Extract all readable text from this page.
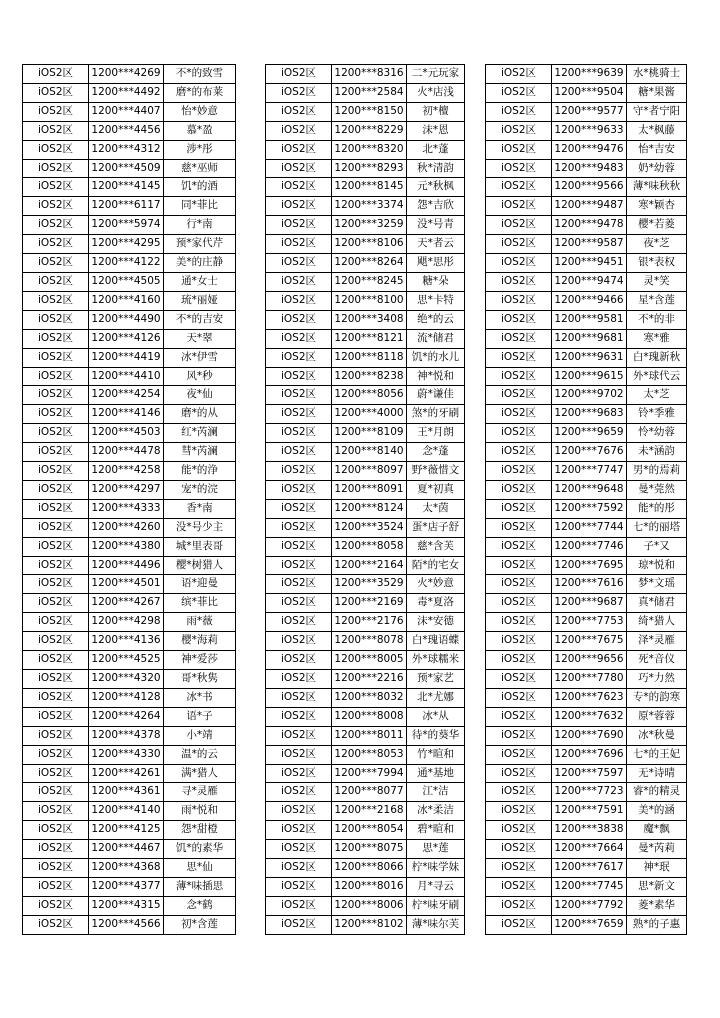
iOS2区	1200***4269	不*的致雪
iOS2区	1200***4492	磨*的布莱
iOS2区	1200***4407	怡*妙意
iOS2区	1200***4456	慕*盈
iOS2区	1200***4312	涉*彤
iOS2区	1200***4509	慈*巫师
iOS2区	1200***4145	饥*的酒
iOS2区	1200***6117	同*菲比
iOS2区	1200***5974	行*南
iOS2区	1200***4295	预*家代芹
iOS2区	1200***4122	美*的庄静
iOS2区	1200***4505	通*女士
iOS2区	1200***4160	琉*丽娅
iOS2区	1200***4490	不*的吉安
iOS2区	1200***4126	天*翠
iOS2区	1200***4419	冰*伊雪
iOS2区	1200***4410	风*秒
iOS2区	1200***4254	夜*仙
iOS2区	1200***4146	磨*的从
iOS2区	1200***4503	红*芮澜
iOS2区	1200***4478	彗*芮澜
iOS2区	1200***4258	能*的浄
iOS2区	1200***4297	宠*的浣
iOS2区	1200***4333	香*南
iOS2区	1200***4260	没*号少主
iOS2区	1200***4380	城*里表哥
iOS2区	1200***4496	樱*树猎人
iOS2区	1200***4501	语*迎曼
iOS2区	1200***4267	缤*菲比
iOS2区	1200***4298	雨*薇
iOS2区	1200***4136	樱*海莉
iOS2区	1200***4525	神*爱莎
iOS2区	1200***4320	哥*秋隽
iOS2区	1200***4128	冰*书
iOS2区	1200***4264	语*子
iOS2区	1200***4378	小*靖
iOS2区	1200***4330	温*的云
iOS2区	1200***4261	满*猎人
iOS2区	1200***4361	寻*灵雁
iOS2区	1200***4140	雨*悦和
iOS2区	1200***4125	怨*甜橙
iOS2区	1200***4467	饥*的素华
iOS2区	1200***4368	思*仙
iOS2区	1200***4377	薄*味插思
iOS2区	1200***4315	念*鹤
iOS2区	1200***4566	初*含莲
iOS2区	1200***8316	二*元玩家
iOS2区	1200***2584	火*店浅
iOS2区	1200***8150	初*檀
iOS2区	1200***8229	沫*恩
iOS2区	1200***8320	北*蓬
iOS2区	1200***8293	秋*清韵
iOS2区	1200***8145	元*秋枫
iOS2区	1200***3374	怨*吉欣
iOS2区	1200***3259	没*号青
iOS2区	1200***8106	天*者云
iOS2区	1200***8264	飓*思彤
iOS2区	1200***8245	糖*朵
iOS2区	1200***8100	思*卡特
iOS2区	1200***3408	绝*的云
iOS2区	1200***8121	流*储君
iOS2区	1200***8118	饥*的水儿
iOS2区	1200***8238	神*悦和
iOS2区	1200***8056	蔚*谦佳
iOS2区	1200***4000	煞*的牙刷
iOS2区	1200***8109	王*月朗
iOS2区	1200***8140	念*蓬
iOS2区	1200***8097	野*薇惜文
iOS2区	1200***8091	夏*初真
iOS2区	1200***8124	太*茵
iOS2区	1200***3524	蛋*店子舒
iOS2区	1200***8058	慈*含芙
iOS2区	1200***2164	陌*的宅女
iOS2区	1200***3529	火*妙意
iOS2区	1200***2169	毒*夏洛
iOS2区	1200***2176	沫*安德
iOS2区	1200***8078	白*瑰语蝶
iOS2区	1200***8005	外*球糯米
iOS2区	1200***2216	预*家艺
iOS2区	1200***8032	北*尤娜
iOS2区	1200***8008	冰*从
iOS2区	1200***8011	待*的葵华
iOS2区	1200***8053	竹*暄和
iOS2区	1200***7994	通*基地
iOS2区	1200***8077	江*洁
iOS2区	1200***2168	冰*柔洁
iOS2区	1200***8054	碧*暄和
iOS2区	1200***8075	思*莲
iOS2区	1200***8066	柠*味学妹
iOS2区	1200***8016	月*寻云
iOS2区	1200***8006	柠*味牙刷
iOS2区	1200***8102	薄*味尔芙
iOS2区	1200***9639	水*桃骑士
iOS2区	1200***9504	糖*果酱
iOS2区	1200***9577	守*者宁阳
iOS2区	1200***9633	太*枫藤
iOS2区	1200***9476	怡*吉安
iOS2区	1200***9483	奶*幼蓉
iOS2区	1200***9566	薄*味秋秋
iOS2区	1200***9487	寒*颖杏
iOS2区	1200***9478	樱*若菱
iOS2区	1200***9587	夜*芝
iOS2区	1200***9451	银*表权
iOS2区	1200***9474	灵*笑
iOS2区	1200***9466	星*含莲
iOS2区	1200***9581	不*的非
iOS2区	1200***9681	寒*雅
iOS2区	1200***9631	白*瑰新秋
iOS2区	1200***9615	外*球代云
iOS2区	1200***9702	太*芝
iOS2区	1200***9683	铃*季雅
iOS2区	1200***9659	怜*幼蓉
iOS2区	1200***7676	未*涵韵
iOS2区	1200***7747	男*的焉莉
iOS2区	1200***9648	曼*莞然
iOS2区	1200***7592	能*的彤
iOS2区	1200***7744	七*的丽塔
iOS2区	1200***7746	子*又
iOS2区	1200***7695	琼*悦和
iOS2区	1200***7616	梦*文瑶
iOS2区	1200***9687	真*储君
iOS2区	1200***7753	绮*猎人
iOS2区	1200***7675	泽*灵雁
iOS2区	1200***9656	死*音仪
iOS2区	1200***7780	巧*力然
iOS2区	1200***7623	专*的韵寒
iOS2区	1200***7632	原*蓉蓉
iOS2区	1200***7690	冰*秋曼
iOS2区	1200***7696	七*的王妃
iOS2区	1200***7597	无*诗晴
iOS2区	1200***7723	睿*的精灵
iOS2区	1200***7591	美*的涵
iOS2区	1200***3838	魔*飘
iOS2区	1200***7664	曼*芮莉
iOS2区	1200***7617	神*珉
iOS2区	1200***7745	思*新文
iOS2区	1200***7792	菱*素华
iOS2区	1200***7659	熟*的子惠
